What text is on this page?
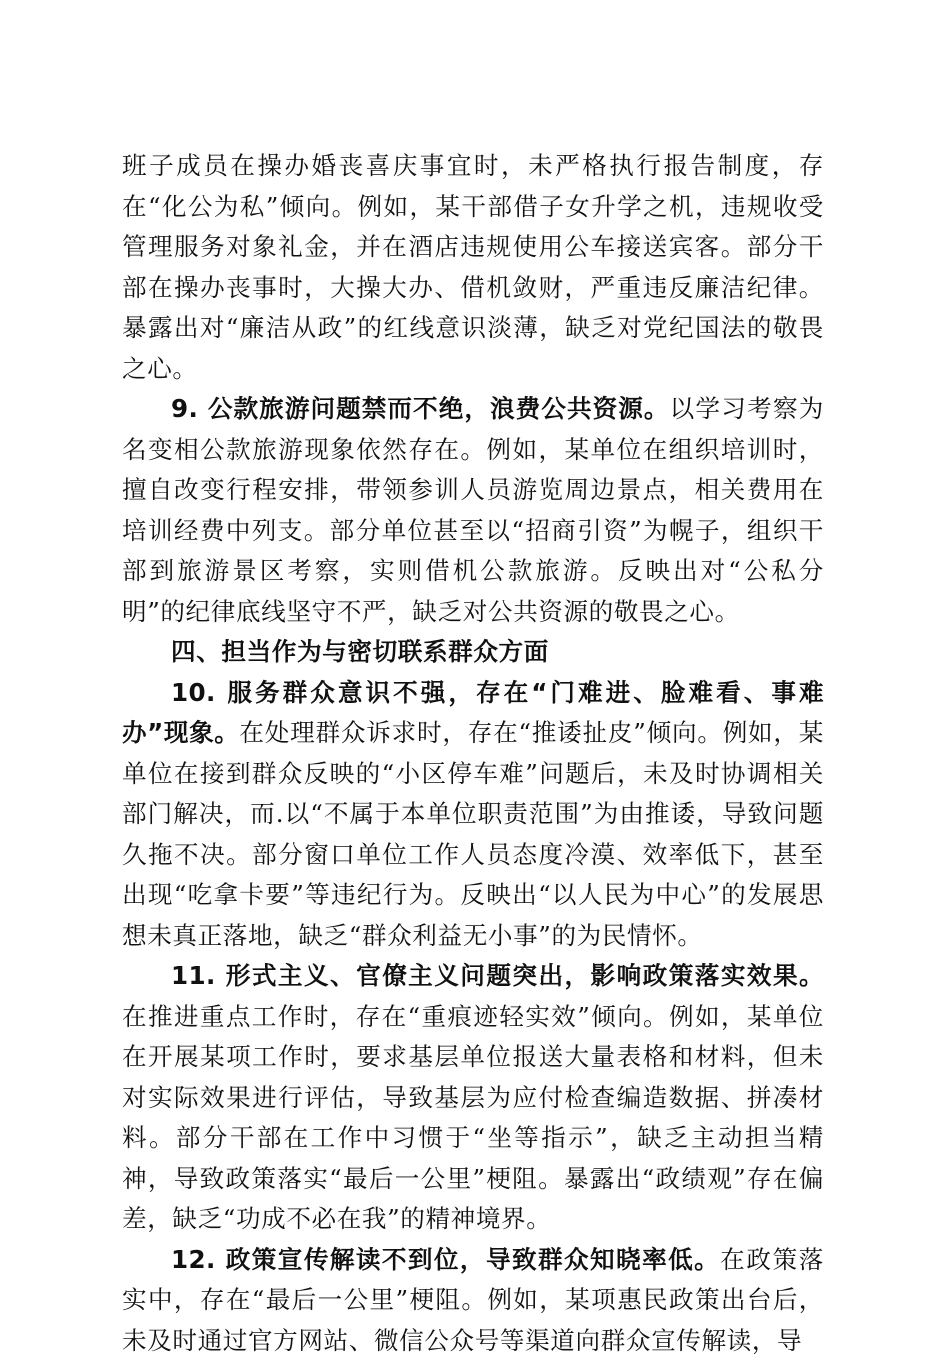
班子成员在操办婚丧喜庆事宜时，未严格执行报告制度，存在“化公为私”倾向。例如，某干部借子女升学之机，违规收受管理服务对象礼金，并在酒店违规使用公车接送宾客。部分干部在操办丧事时，大操大办、借机敛财，严重违反廉洁纪律。暴露出对“廉洁从政”的红线意识淡薄，缺乏对党纪国法的敬畏之心。

9. 公款旅游问题禁而不绝，浪费公共资源。以学习考察为名变相公款旅游现象依然存在。例如，某单位在组织培训时，擅自改变行程安排，带领参训人员游览周边景点，相关费用在培训经费中列支。部分单位甚至以“招商引资”为幌子，组织干部到旅游景区考察，实则借机公款旅游。反映出对“公私分明”的纪律底线坚守不严，缺乏对公共资源的敬畏之心。

四、担当作为与密切联系群众方面

10. 服务群众意识不强，存在“门难进、脸难看、事难办”现象。在处理群众诉求时，存在“推诿扯皮”倾向。例如，某单位在接到群众反映的“小区停车难”问题后，未及时协调相关部门解决，而.以“不属于本单位职责范围”为由推诿，导致问题久拖不决。部分窗口单位工作人员态度冷漠、效率低下，甚至出现“吃拿卡要”等违纪行为。反映出“以人民为中心”的发展思想未真正落地，缺乏“群众利益无小事”的为民情怀。

11. 形式主义、官僚主义问题突出，影响政策落实效果。在推进重点工作时，存在“重痕迹轻实效”倾向。例如，某单位在开展某项工作时，要求基层单位报送大量表格和材料，但未对实际效果进行评估，导致基层为应付检查编造数据、拼凑材料。部分干部在工作中习惯于“坐等指示”，缺乏主动担当精神，导致政策落实“最后一公里”梗阻。暴露出“政绩观”存在偏差，缺乏“功成不必在我”的精神境界。

12. 政策宣传解读不到位，导致群众知晓率低。在政策落实中，存在“最后一公里”梗阻。例如，某项惠民政策出台后，未及时通过官方网站、微信公众号等渠道向群众宣传解读，导
